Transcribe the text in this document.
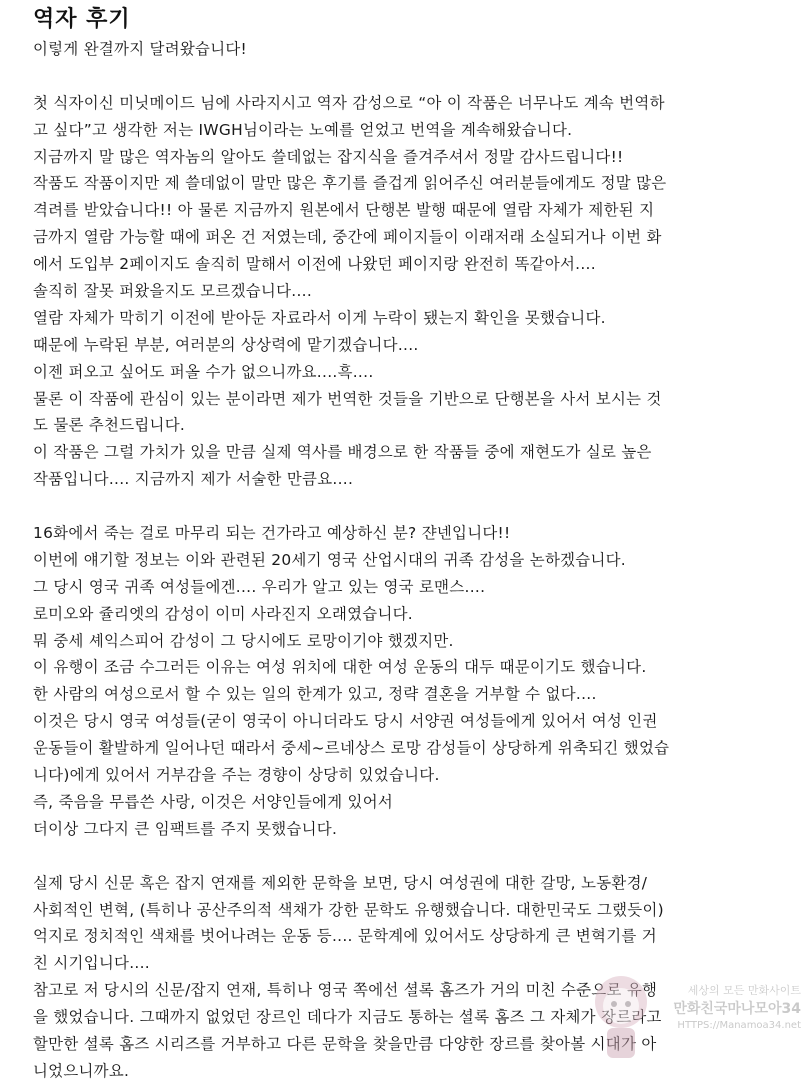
역자 후기
이렇게 완결까지 달려왔습니다!
첫 식자이신 미닛메이드 님에 사라지시고 역자 감성으로 “아 이 작품은 너무나도 계속 번역하
고 싶다”고 생각한 저는 IWGH님이라는 노예를 얻었고 번역을 계속해왔습니다.
지금까지 말 많은 역자놈의 알아도 쓸데없는 잡지식을 즐겨주셔서 정말 감사드립니다!!
작품도 작품이지만 제 쓸데없이 말만 많은 후기를 즐겁게 읽어주신 여러분들에게도 정말 많은
격려를 받았습니다!! 아 물론 지금까지 원본에서 단행본 발행 때문에 열람 자체가 제한된 지
금까지 열람 가능할 때에 퍼온 건 저였는데, 중간에 페이지들이 이래저래 소실되거나 이번 화
에서 도입부 2페이지도 솔직히 말해서 이전에 나왔던 페이지랑 완전히 똑같아서....
솔직히 잘못 퍼왔을지도 모르겠습니다....
열람 자체가 막히기 이전에 받아둔 자료라서 이게 누락이 됐는지 확인을 못했습니다.
때문에 누락된 부분, 여러분의 상상력에 맡기겠습니다....
이젠 퍼오고 싶어도 퍼올 수가 없으니까요....흑....
물론 이 작품에 관심이 있는 분이라면 제가 번역한 것들을 기반으로 단행본을 사서 보시는 것
도 물론 추천드립니다.
이 작품은 그럴 가치가 있을 만큼 실제 역사를 배경으로 한 작품들 중에 재현도가 실로 높은
작품입니다.... 지금까지 제가 서술한 만큼요....
16화에서 죽는 걸로 마무리 되는 건가라고 예상하신 분? 쟌넨입니다!!
이번에 얘기할 정보는 이와 관련된 20세기 영국 산업시대의 귀족 감성을 논하겠습니다.
그 당시 영국 귀족 여성들에겐.... 우리가 알고 있는 영국 로맨스....
로미오와 쥴리엣의 감성이 이미 사라진지 오래였습니다.
뭐 중세 셰익스피어 감성이 그 당시에도 로망이기야 했겠지만.
이 유행이 조금 수그러든 이유는 여성 위치에 대한 여성 운동의 대두 때문이기도 했습니다.
한 사람의 여성으로서 할 수 있는 일의 한계가 있고, 정략 결혼을 거부할 수 없다....
이것은 당시 영국 여성들(굳이 영국이 아니더라도 당시 서양권 여성들에게 있어서 여성 인권
운동들이 활발하게 일어나던 때라서 중세~르네상스 로망 감성들이 상당하게 위축되긴 했었습
니다)에게 있어서 거부감을 주는 경향이 상당히 있었습니다.
즉, 죽음을 무릅쓴 사랑, 이것은 서양인들에게 있어서
더이상 그다지 큰 임팩트를 주지 못했습니다.
실제 당시 신문 혹은 잡지 연재를 제외한 문학을 보면, 당시 여성권에 대한 갈망, 노동환경/
사회적인 변혁, (특히나 공산주의적 색채가 강한 문학도 유행했습니다. 대한민국도 그랬듯이)
억지로 정치적인 색채를 벗어나려는 운동 등.... 문학계에 있어서도 상당하게 큰 변혁기를 거
친 시기입니다....
참고로 저 당시의 신문/잡지 연재, 특히나 영국 쪽에선 셜록 홈즈가 거의 미친 수준으로 유행
을 했었습니다. 그때까지 없었던 장르인 데다가 지금도 통하는 셜록 홈즈 그 자체가 장르라고
할만한 셜록 홈즈 시리즈를 거부하고 다른 문학을 찾을만큼 다양한 장르를 찾아볼 시대가 아
니었으니까요.
세상의 모든 만화사이트
만화친국마나모아34
HTTPS://Manamoa34.net
